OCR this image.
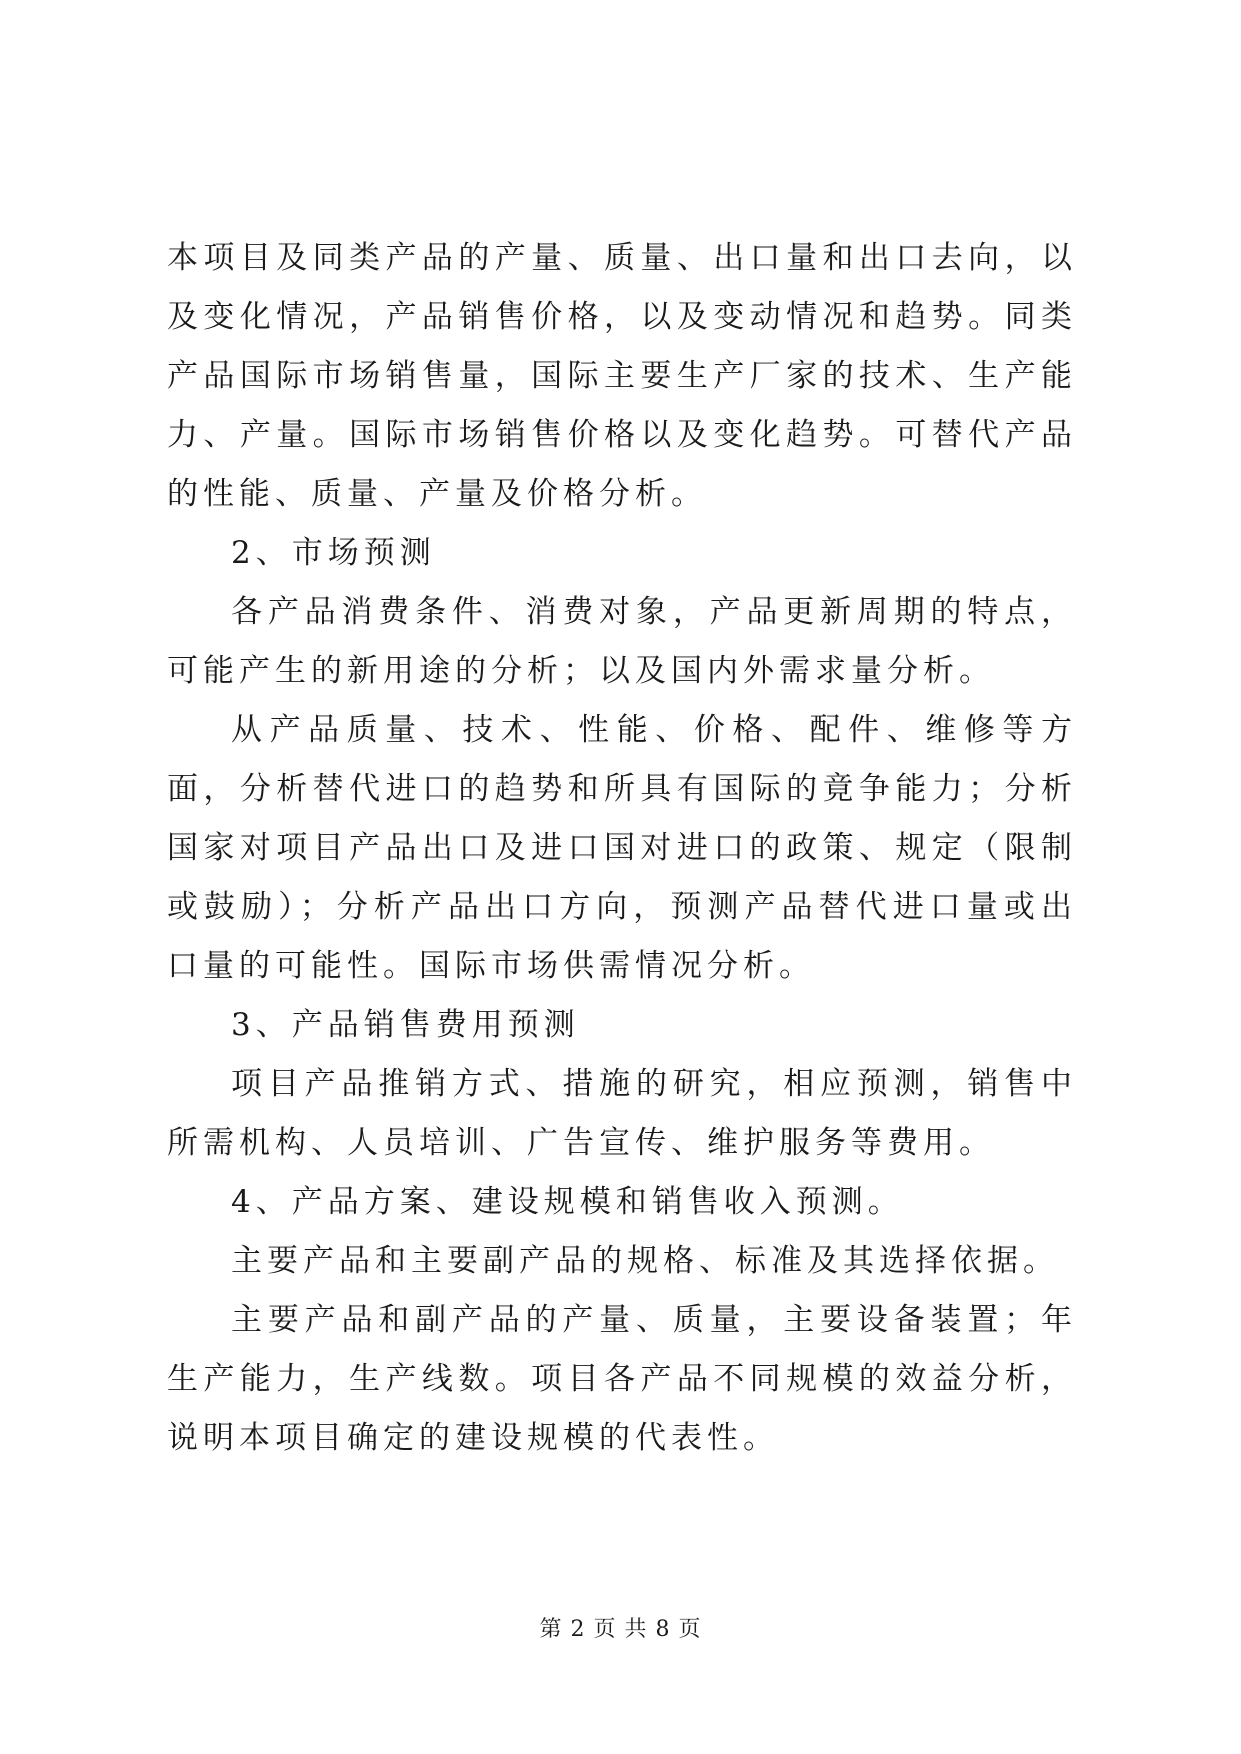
本项目及同类产品的产量、质量、出口量和出口去向，以及变化情况，产品销售价格，以及变动情况和趋势。同类产品国际市场销售量，国际主要生产厂家的技术、生产能力、产量。国际市场销售价格以及变化趋势。可替代产品的性能、质量、产量及价格分析。

2、市场预测

各产品消费条件、消费对象，产品更新周期的特点，可能产生的新用途的分析；以及国内外需求量分析。

从产品质量、技术、性能、价格、配件、维修等方面，分析替代进口的趋势和所具有国际的竟争能力；分析国家对项目产品出口及进口国对进口的政策、规定（限制或鼓励）；分析产品出口方向，预测产品替代进口量或出口量的可能性。国际市场供需情况分析。

3、产品销售费用预测

项目产品推销方式、措施的研究，相应预测，销售中所需机构、人员培训、广告宣传、维护服务等费用。

4、产品方案、建设规模和销售收入预测。

主要产品和主要副产品的规格、标准及其选择依据。

主要产品和副产品的产量、质量，主要设备装置；年生产能力，生产线数。项目各产品不同规模的效益分析，说明本项目确定的建设规模的代表性。

第 2 页 共 8 页
